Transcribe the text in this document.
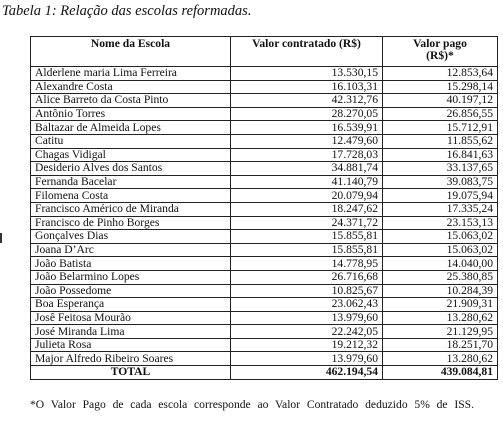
Tabela 1: Relação das escolas reformadas.
Nome da Escola	Valor contratado (R$)	Valor pago
(R$)*
Alderlene maria Lima Ferreira	13.530,15	12.853,64
Alexandre Costa	16.103,31	15.298,14
Alice Barreto da Costa Pinto	42.312,76	40.197,12
Antônio Torres	28.270,05	26.856,55
Baltazar de Almeida Lopes	16.539,91	15.712,91
Catitu	12.479,60	11.855,62
Chagas Vidigal	17.728,03	16.841,63
Desiderio Alves dos Santos	34.881,74	33.137,65
Fernanda Bacelar	41.140,79	39.083,75
Filomena Costa	20.079,94	19.075,94
Francisco Américo de Miranda	18.247,62	17.335,24
Francisco de Pinho Borges	24.371,72	23.153,13
Gonçalves Dias	15.855,81	15.063,02
Joana D’Arc	15.855,81	15.063,02
João Batista	14.778,95	14.040,00
João Belarmino Lopes	26.716,68	25.380,85
João Possedome	10.825,67	10.284,39
Boa Esperança	23.062,43	21.909,31
Josê Feitosa Mourão	13.979,60	13.280,62
José Miranda Lima	22.242,05	21.129,95
Julieta Rosa	19.212,32	18.251,70
Major Alfredo Ribeiro Soares	13.979,60	13.280,62
TOTAL	462.194,54	439.084,81
*O Valor Pago de cada escola corresponde ao Valor Contratado deduzido 5% de ISS.
